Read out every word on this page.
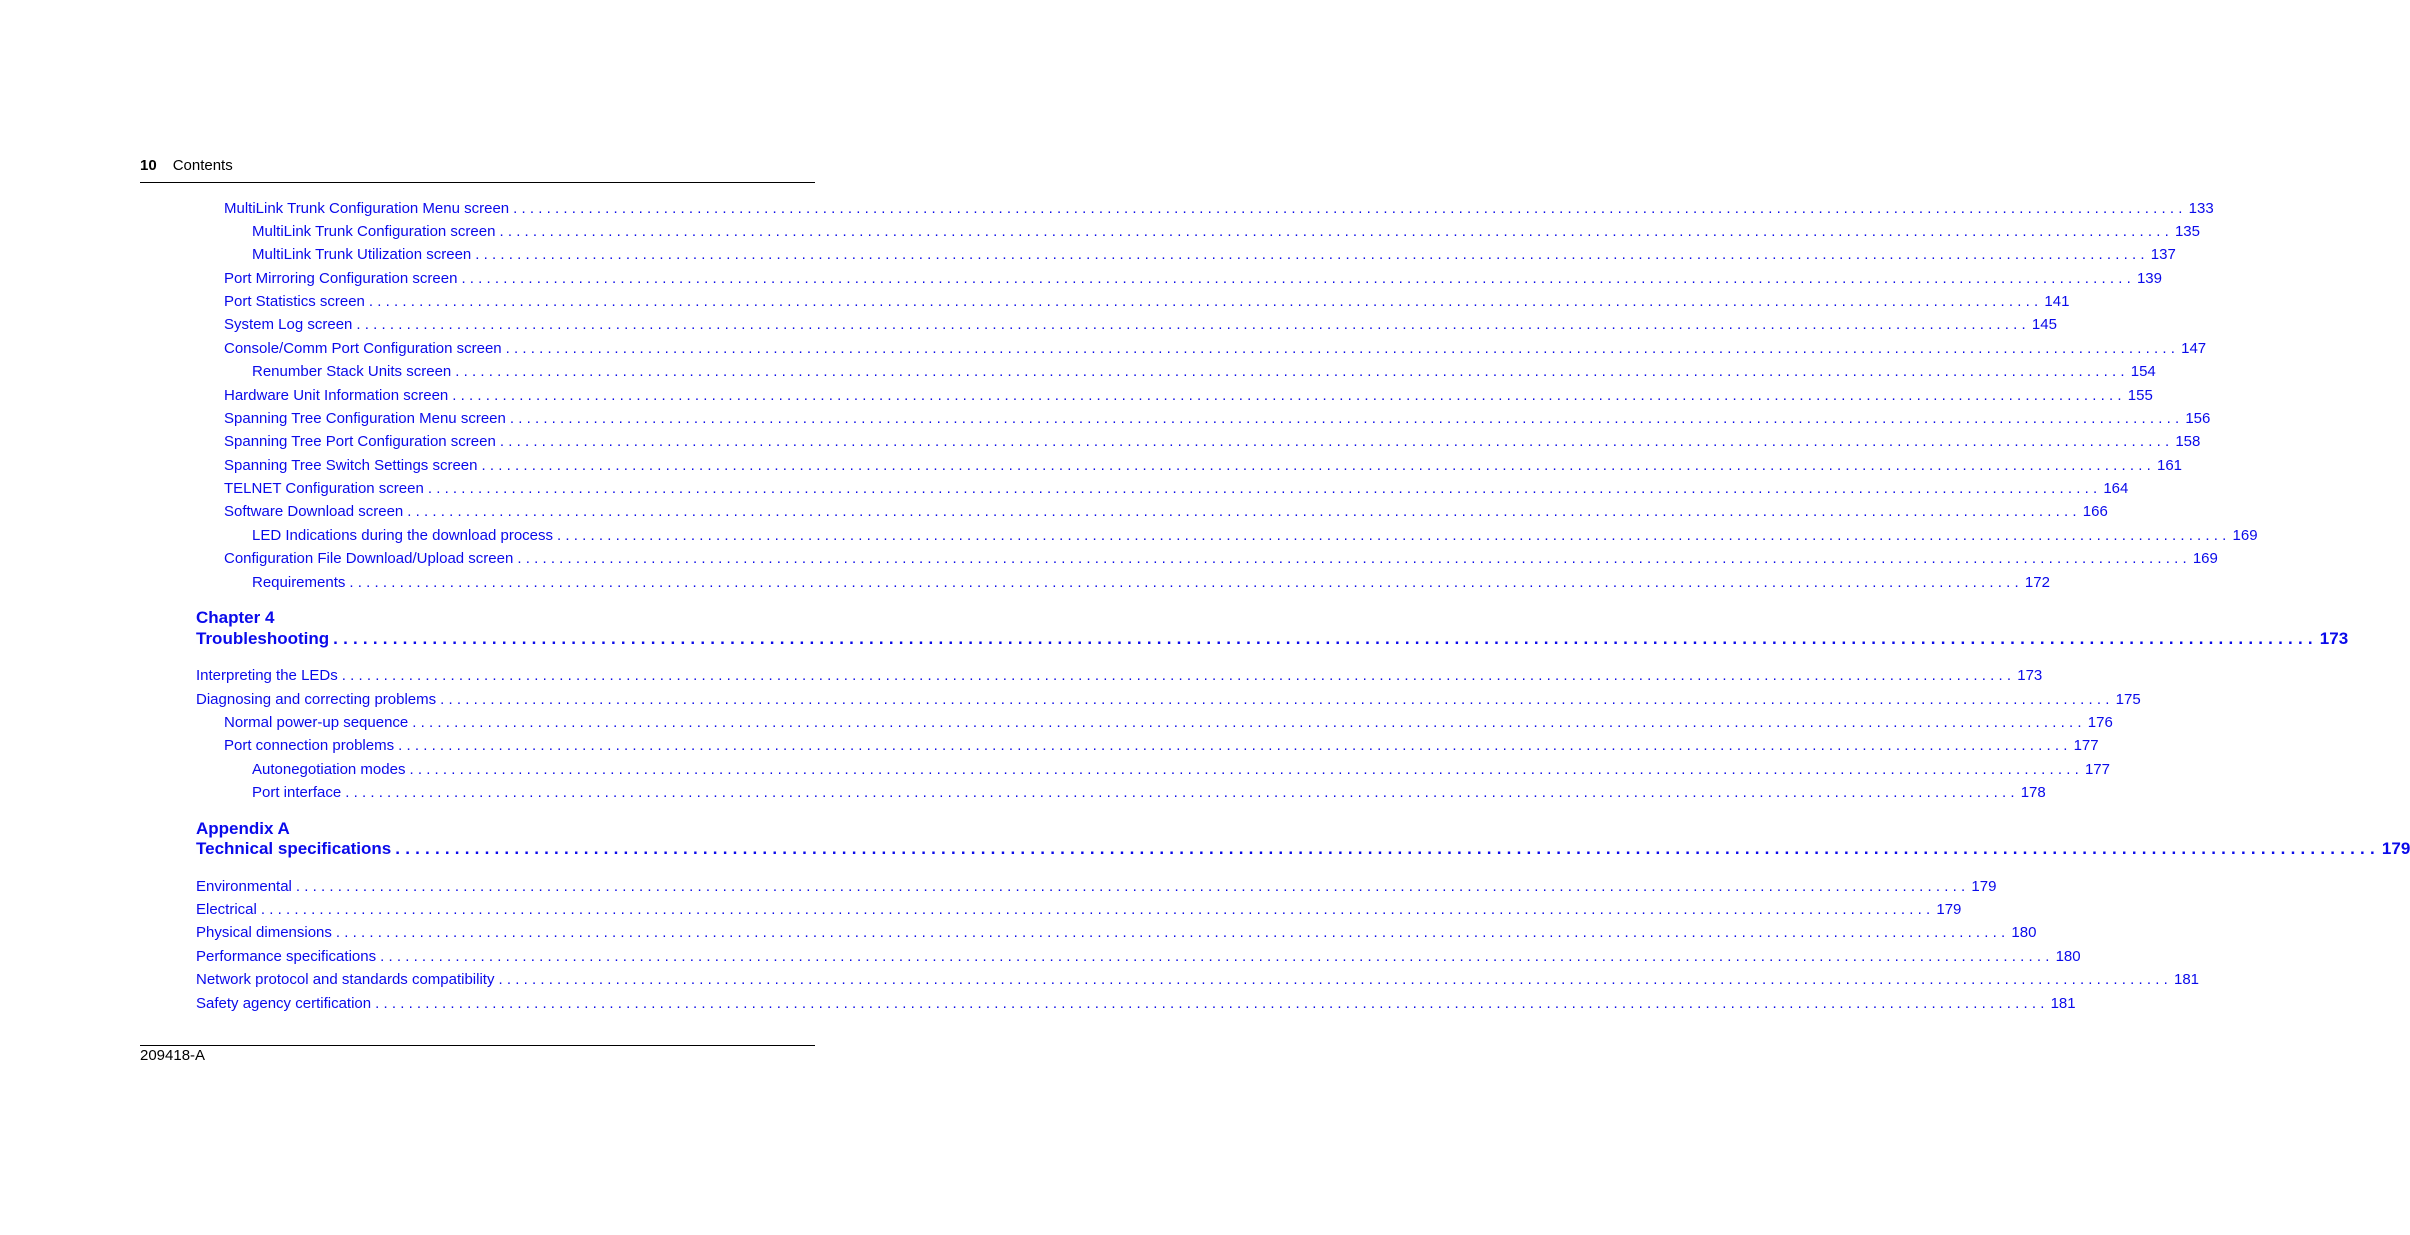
10 Contents
MultiLink Trunk Configuration Menu screen ........................................................................................................................................................................................................ 133
MultiLink Trunk Configuration screen ........................................................................................................................................................................................................ 135
MultiLink Trunk Utilization screen ........................................................................................................................................................................................................ 137
Port Mirroring Configuration screen ........................................................................................................................................................................................................ 139
Port Statistics screen ........................................................................................................................................................................................................ 141
System Log screen ........................................................................................................................................................................................................ 145
Console/Comm Port Configuration screen ........................................................................................................................................................................................................ 147
Renumber Stack Units screen ........................................................................................................................................................................................................ 154
Hardware Unit Information screen ........................................................................................................................................................................................................ 155
Spanning Tree Configuration Menu screen ........................................................................................................................................................................................................ 156
Spanning Tree Port Configuration screen ........................................................................................................................................................................................................ 158
Spanning Tree Switch Settings screen ........................................................................................................................................................................................................ 161
TELNET Configuration screen ........................................................................................................................................................................................................ 164
Software Download screen ........................................................................................................................................................................................................ 166
LED Indications during the download process ........................................................................................................................................................................................................ 169
Configuration File Download/Upload screen ........................................................................................................................................................................................................ 169
Requirements ........................................................................................................................................................................................................ 172
Chapter 4
Troubleshooting ........................................................................................................................................................................................................ 173
Interpreting the LEDs ........................................................................................................................................................................................................ 173
Diagnosing and correcting problems ........................................................................................................................................................................................................ 175
Normal power-up sequence ........................................................................................................................................................................................................ 176
Port connection problems ........................................................................................................................................................................................................ 177
Autonegotiation modes ........................................................................................................................................................................................................ 177
Port interface ........................................................................................................................................................................................................ 178
Appendix A
Technical specifications ........................................................................................................................................................................................................ 179
Environmental ........................................................................................................................................................................................................ 179
Electrical ........................................................................................................................................................................................................ 179
Physical dimensions ........................................................................................................................................................................................................ 180
Performance specifications ........................................................................................................................................................................................................ 180
Network protocol and standards compatibility ........................................................................................................................................................................................................ 181
Safety agency certification ........................................................................................................................................................................................................ 181
209418-A
